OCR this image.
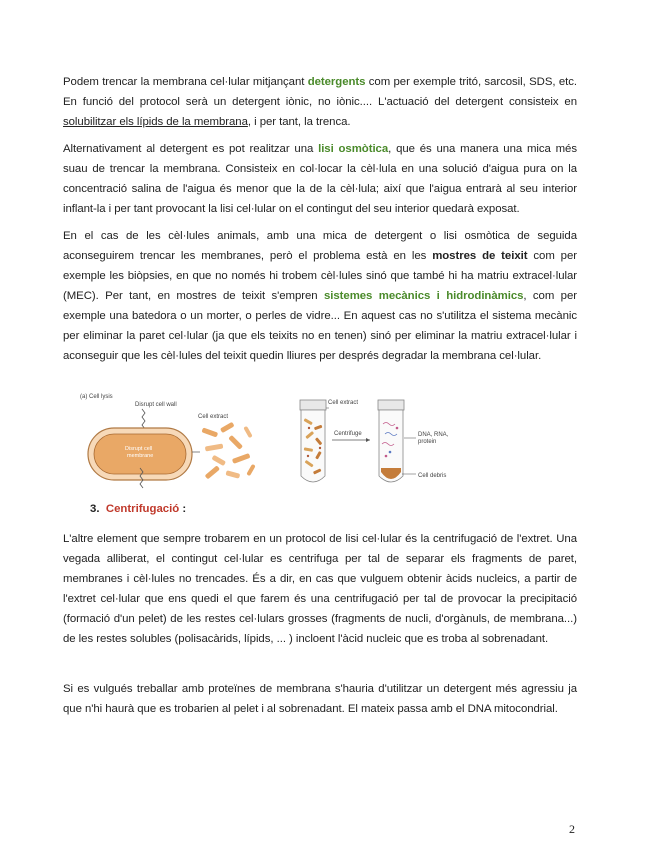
Podem trencar la membrana cel·lular mitjançant detergents com per exemple tritó, sarcosil, SDS, etc. En funció del protocol serà un detergent iònic, no iònic.... L'actuació del detergent consisteix en solubilitzar els lípids de la membrana, i per tant, la trenca.

Alternativament al detergent es pot realitzar una lisi osmòtica, que és una manera una mica més suau de trencar la membrana. Consisteix en col·locar la cèl·lula en una solució d'aigua pura on la concentració salina de l'aigua és menor que la de la cèl·lula; així que l'aigua entrarà al seu interior inflant-la i per tant provocant la lisi cel·lular on el contingut del seu interior quedarà exposat.

En el cas de les cèl·lules animals, amb una mica de detergent o lisi osmòtica de seguida aconseguirem trencar les membranes, però el problema està en les mostres de teixit com per exemple les biòpsies, en que no només hi trobem cèl·lules sinó que també hi ha matriu extracel·lular (MEC). Per tant, en mostres de teixit s'empren sistemes mecànics i hidrodinàmics, com per exemple una batedora o un morter, o perles de vidre... En aquest cas no s'utilitza el sistema mecànic per eliminar la paret cel·lular (ja que els teixits no en tenen) sinó per eliminar la matriu extracel·lular i aconseguir que les cèl·lules del teixit quedin lliures per després degradar la membrana cel·lular.

(a) Cell lysis
Disrupt cell wall
Disrupt cell
membrane
Cell extract
Cell extract
Centrifuge	DNA, RNA,
protein
Cell debris
3. Centrifugació :

L'altre element que sempre trobarem en un protocol de lisi cel·lular és la centrifugació de l'extret. Una vegada alliberat, el contingut cel·lular es centrifuga per tal de separar els fragments de paret, membranes i cèl·lules no trencades. És a dir, en cas que vulguem obtenir àcids nucleics, a partir de l'extret cel·lular que ens quedi el que farem és una centrifugació per tal de provocar la precipitació (formació d'un pelet) de les restes cel·lulars grosses (fragments de nucli, d'orgànuls, de membrana...) de les restes solubles (polisacàrids, lípids, ... ) incloent l'àcid nucleic que es troba al sobrenadant.

Si es vulgués treballar amb proteïnes de membrana s'hauria d'utilitzar un detergent més agressiu ja que n'hi haurà que es trobarien al pelet i al sobrenadant. El mateix passa amb el DNA mitocondrial.

2
